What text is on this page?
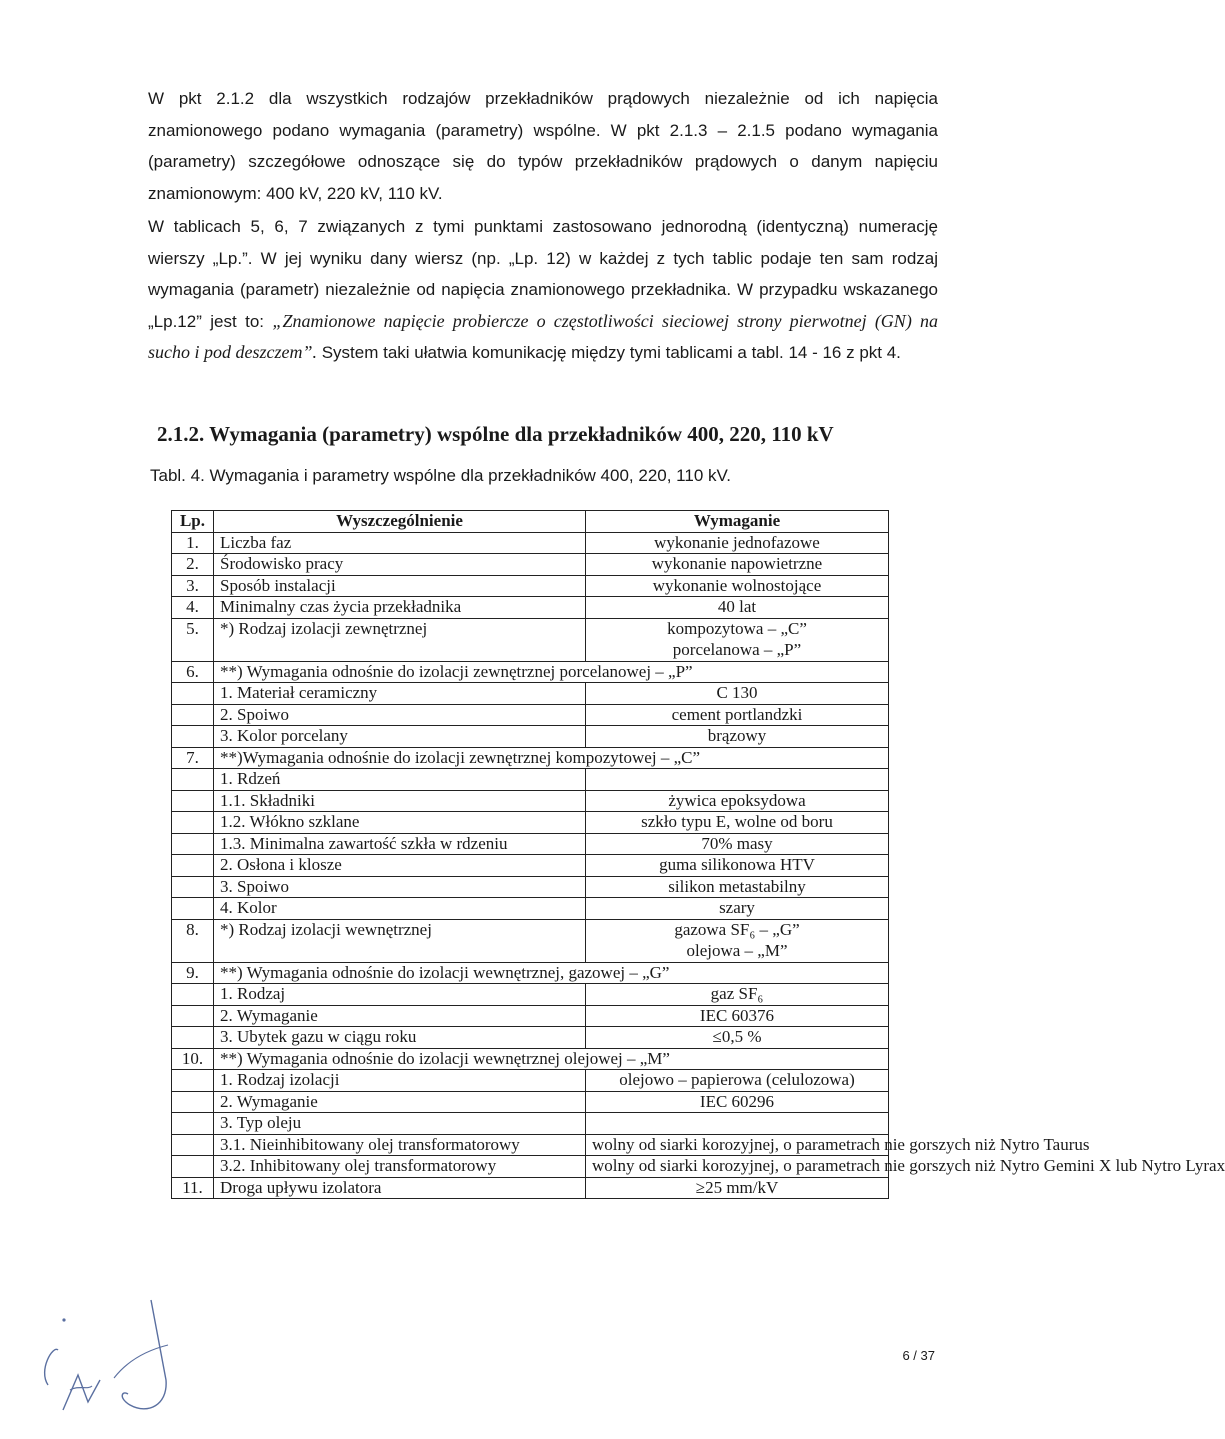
W pkt 2.1.2 dla wszystkich rodzajów przekładników prądowych niezależnie od ich napięcia znamionowego podano wymagania (parametry) wspólne. W pkt 2.1.3 – 2.1.5 podano wymagania (parametry) szczegółowe odnoszące się do typów przekładników prądowych o danym napięciu znamionowym: 400 kV, 220 kV, 110 kV.

W tablicach 5, 6, 7 związanych z tymi punktami zastosowano jednorodną (identyczną) numerację wierszy „Lp.”. W jej wyniku dany wiersz (np. „Lp. 12) w każdej z tych tablic podaje ten sam rodzaj wymagania (parametr) niezależnie od napięcia znamionowego przekładnika. W przypadku wskazanego „Lp.12” jest to: „Znamionowe napięcie probiercze o częstotliwości sieciowej strony pierwotnej (GN) na sucho i pod deszczem”. System taki ułatwia komunikację między tymi tablicami a tabl. 14 - 16 z pkt 4.

2.1.2. Wymagania (parametry) wspólne dla przekładników 400, 220, 110 kV

Tabl. 4. Wymagania i parametry wspólne dla przekładników 400, 220, 110 kV.

Lp.	Wyszczególnienie	Wymaganie
1.	Liczba faz	wykonanie jednofazowe
2.	Środowisko pracy	wykonanie napowietrzne
3.	Sposób instalacji	wykonanie wolnostojące
4.	Minimalny czas życia przekładnika	40 lat
5.	*) Rodzaj izolacji zewnętrznej	kompozytowa – „C”
		porcelanowa – „P”
6.	**) Wymagania odnośnie do izolacji zewnętrznej porcelanowej – „P”	
	1. Materiał ceramiczny	C 130
	2. Spoiwo	cement portlandzki
	3. Kolor porcelany	brązowy
7.	**)Wymagania odnośnie do izolacji zewnętrznej kompozytowej – „C”	
	1. Rdzeń	
	1.1. Składniki	żywica epoksydowa
	1.2. Włókno szklane	szkło typu E, wolne od boru
	1.3. Minimalna zawartość szkła w rdzeniu	70% masy
	2. Osłona i klosze	guma silikonowa HTV
	3. Spoiwo	silikon metastabilny
	4. Kolor	szary
8.	*) Rodzaj izolacji wewnętrznej	gazowa SF₆ – „G”
		olejowa – „M”
9.	**) Wymagania odnośnie do izolacji wewnętrznej, gazowej – „G”	
	1. Rodzaj	gaz SF₆
	2. Wymaganie	IEC 60376
	3. Ubytek gazu w ciągu roku	≤0,5 %
10.	**) Wymagania odnośnie do izolacji wewnętrznej olejowej – „M”	
	1. Rodzaj izolacji	olejowo – papierowa (celulozowa)
	2. Wymaganie	IEC 60296
	3. Typ oleju	
	3.1. Nieinhibitowany olej transformatorowy	wolny od siarki korozyjnej, o parametrach nie gorszych niż Nytro Taurus
	3.2. Inhibitowany olej transformatorowy	wolny od siarki korozyjnej, o parametrach nie gorszych niż Nytro Gemini X lub Nytro Lyrax
11.	Droga upływu izolatora	≥25 mm/kV
6 / 37
